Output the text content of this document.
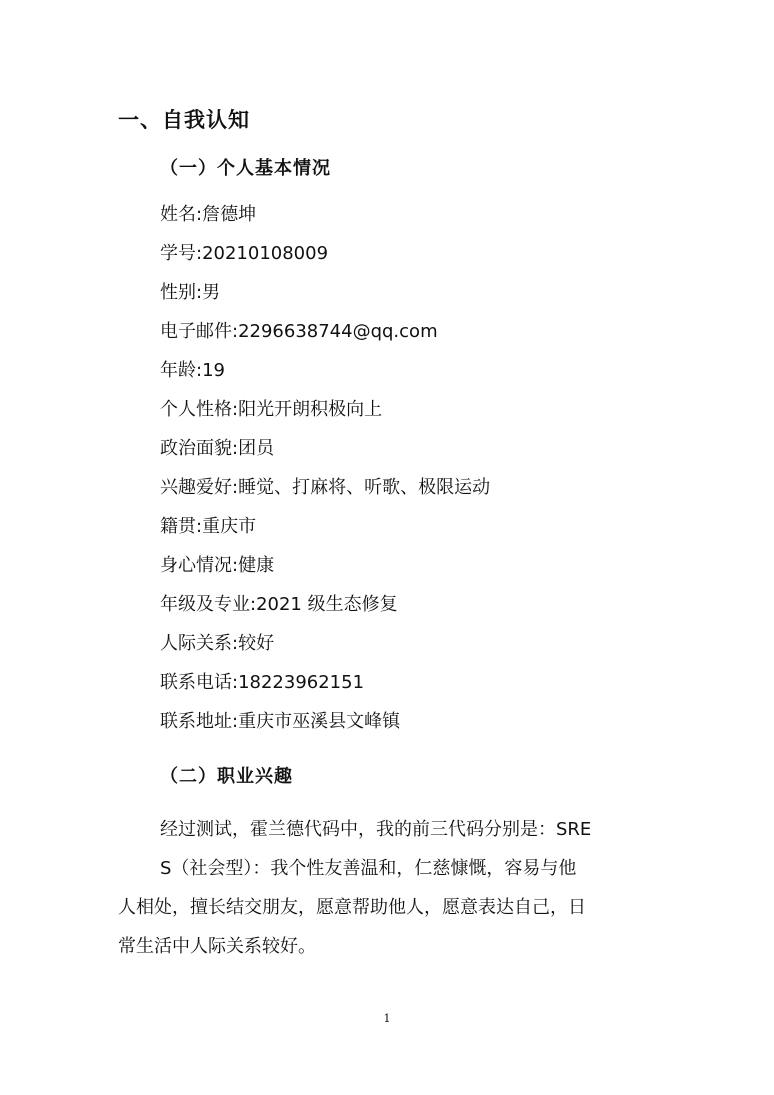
一、自我认知
（一）个人基本情况
姓名:詹德坤
学号:20210108009
性别:男
电子邮件:2296638744@qq.com
年龄:19
个人性格:阳光开朗积极向上
政治面貌:团员
兴趣爱好:睡觉、打麻将、听歌、极限运动
籍贯:重庆市
身心情况:健康
年级及专业:2021 级生态修复
人际关系:较好
联系电话:18223962151
联系地址:重庆市巫溪县文峰镇
（二）职业兴趣
经过测试，霍兰德代码中，我的前三代码分别是：SRE
S（社会型）：我个性友善温和，仁慈慷慨，容易与他
人相处，擅长结交朋友，愿意帮助他人，愿意表达自己，日
常生活中人际关系较好。
1
